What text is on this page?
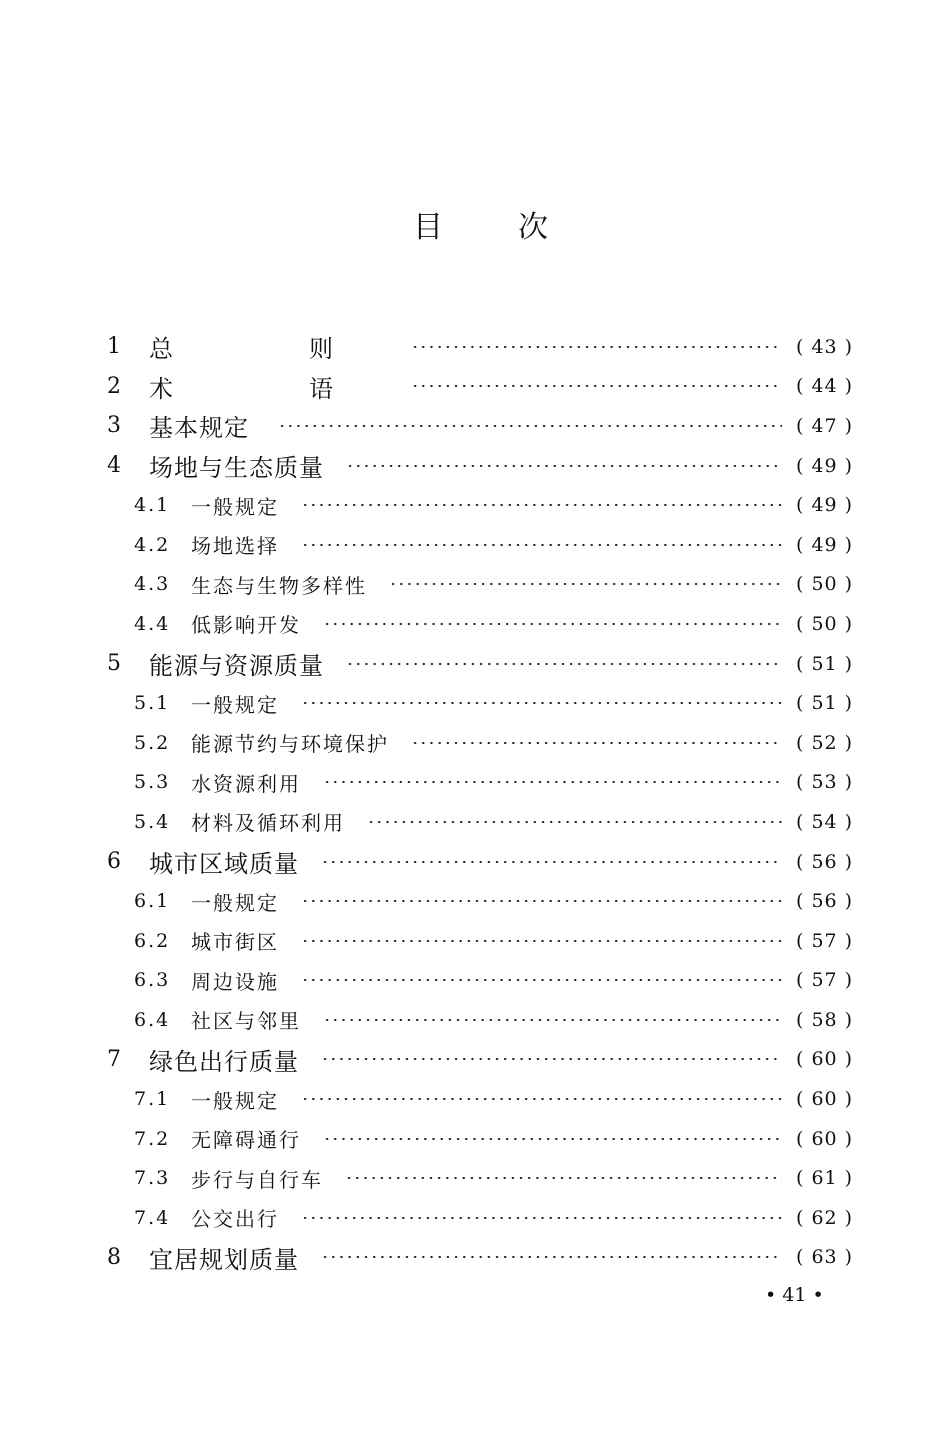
目	次
1 总　则	( 43 )
2 术　语	( 44 )
3 基本规定	( 47 )
4 场地与生态质量	( 49 )
4.1 一般规定	( 49 )
4.2 场地选择	( 49 )
4.3 生态与生物多样性	( 50 )
4.4 低影响开发	( 50 )
5 能源与资源质量	( 51 )
5.1 一般规定	( 51 )
5.2 能源节约与环境保护	( 52 )
5.3 水资源利用	( 53 )
5.4 材料及循环利用	( 54 )
6 城市区域质量	( 56 )
6.1 一般规定	( 56 )
6.2 城市街区	( 57 )
6.3 周边设施	( 57 )
6.4 社区与邻里	( 58 )
7 绿色出行质量	( 60 )
7.1 一般规定	( 60 )
7.2 无障碍通行	( 60 )
7.3 步行与自行车	( 61 )
7.4 公交出行	( 62 )
8 宜居规划质量	( 63 )
• 41 •
